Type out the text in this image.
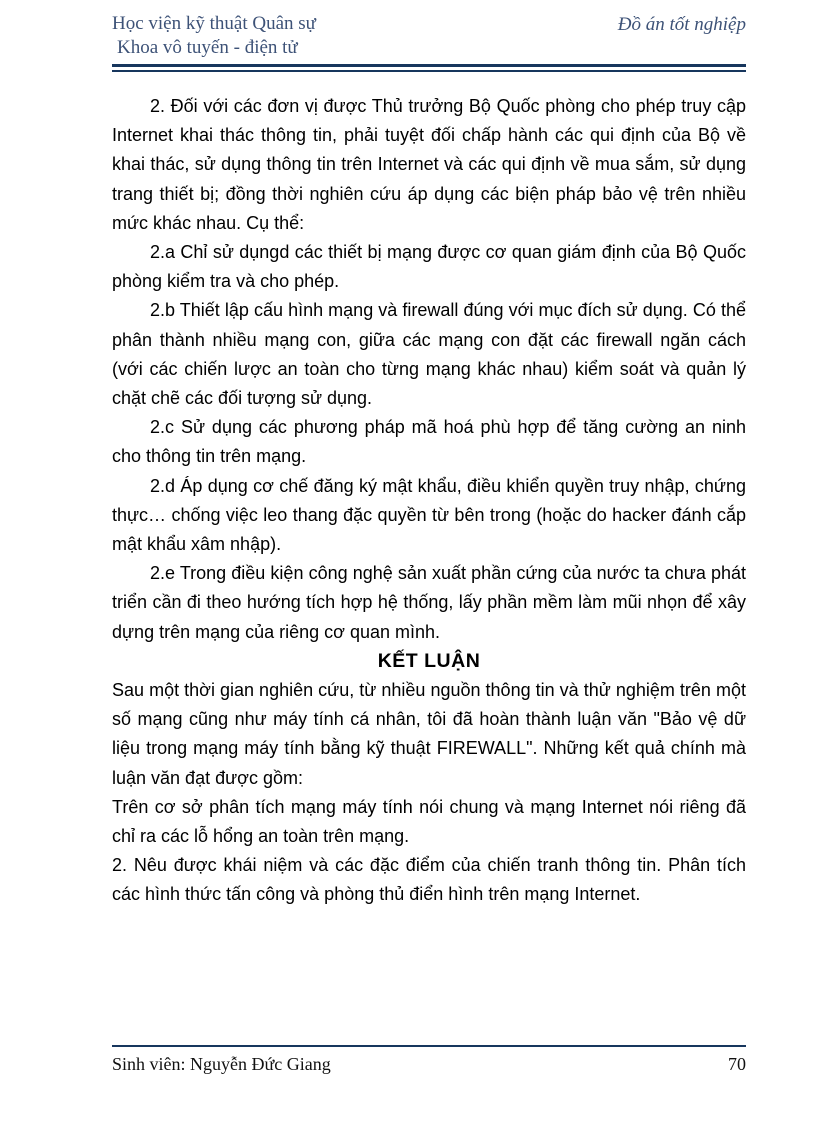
Học viện kỹ thuật Quân sự
Khoa vô tuyến - điện tử
Đồ án tốt nghiệp

2. Đối với các đơn vị được Thủ trưởng Bộ Quốc phòng cho phép truy cập Internet khai thác thông tin, phải tuyệt đối chấp hành các qui định của Bộ về khai thác, sử dụng thông tin trên Internet và các qui định về mua sắm, sử dụng trang thiết bị; đồng thời nghiên cứu áp dụng các biện pháp bảo vệ trên nhiều mức khác nhau. Cụ thể:

2.a Chỉ sử dụngd các thiết bị mạng được cơ quan giám định của Bộ Quốc phòng kiểm tra và cho phép.

2.b Thiết lập cấu hình mạng và firewall đúng với mục đích sử dụng. Có thể phân thành nhiều mạng con, giữa các mạng con đặt các firewall ngăn cách (với các chiến lược an toàn cho từng mạng khác nhau) kiểm soát và quản lý chặt chẽ các đối tượng sử dụng.

2.c Sử dụng các phương pháp mã hoá phù hợp để tăng cường an ninh cho thông tin trên mạng.

2.d Áp dụng cơ chế đăng ký mật khẩu, điều khiển quyền truy nhập, chứng thực… chống việc leo thang đặc quyền từ bên trong (hoặc do hacker đánh cắp mật khẩu xâm nhập).

2.e Trong điều kiện công nghệ sản xuất phần cứng của nước ta chưa phát triển cần đi theo hướng tích hợp hệ thống, lấy phần mềm làm mũi nhọn để xây dựng trên mạng của riêng cơ quan mình.

KẾT LUẬN

Sau một thời gian nghiên cứu, từ nhiều nguồn thông tin và thử nghiệm trên một số mạng cũng như máy tính cá nhân, tôi đã hoàn thành luận văn "Bảo vệ dữ liệu trong mạng máy tính bằng kỹ thuật FIREWALL". Những kết quả chính mà luận văn đạt được gồm:

Trên cơ sở phân tích mạng máy tính nói chung và mạng Internet nói riêng đã chỉ ra các lỗ hổng an toàn trên mạng.

2. Nêu được khái niệm và các đặc điểm của chiến tranh thông tin. Phân tích các hình thức tấn công và phòng thủ điển hình trên mạng Internet.

Sinh viên: Nguyễn Đức Giang	70
